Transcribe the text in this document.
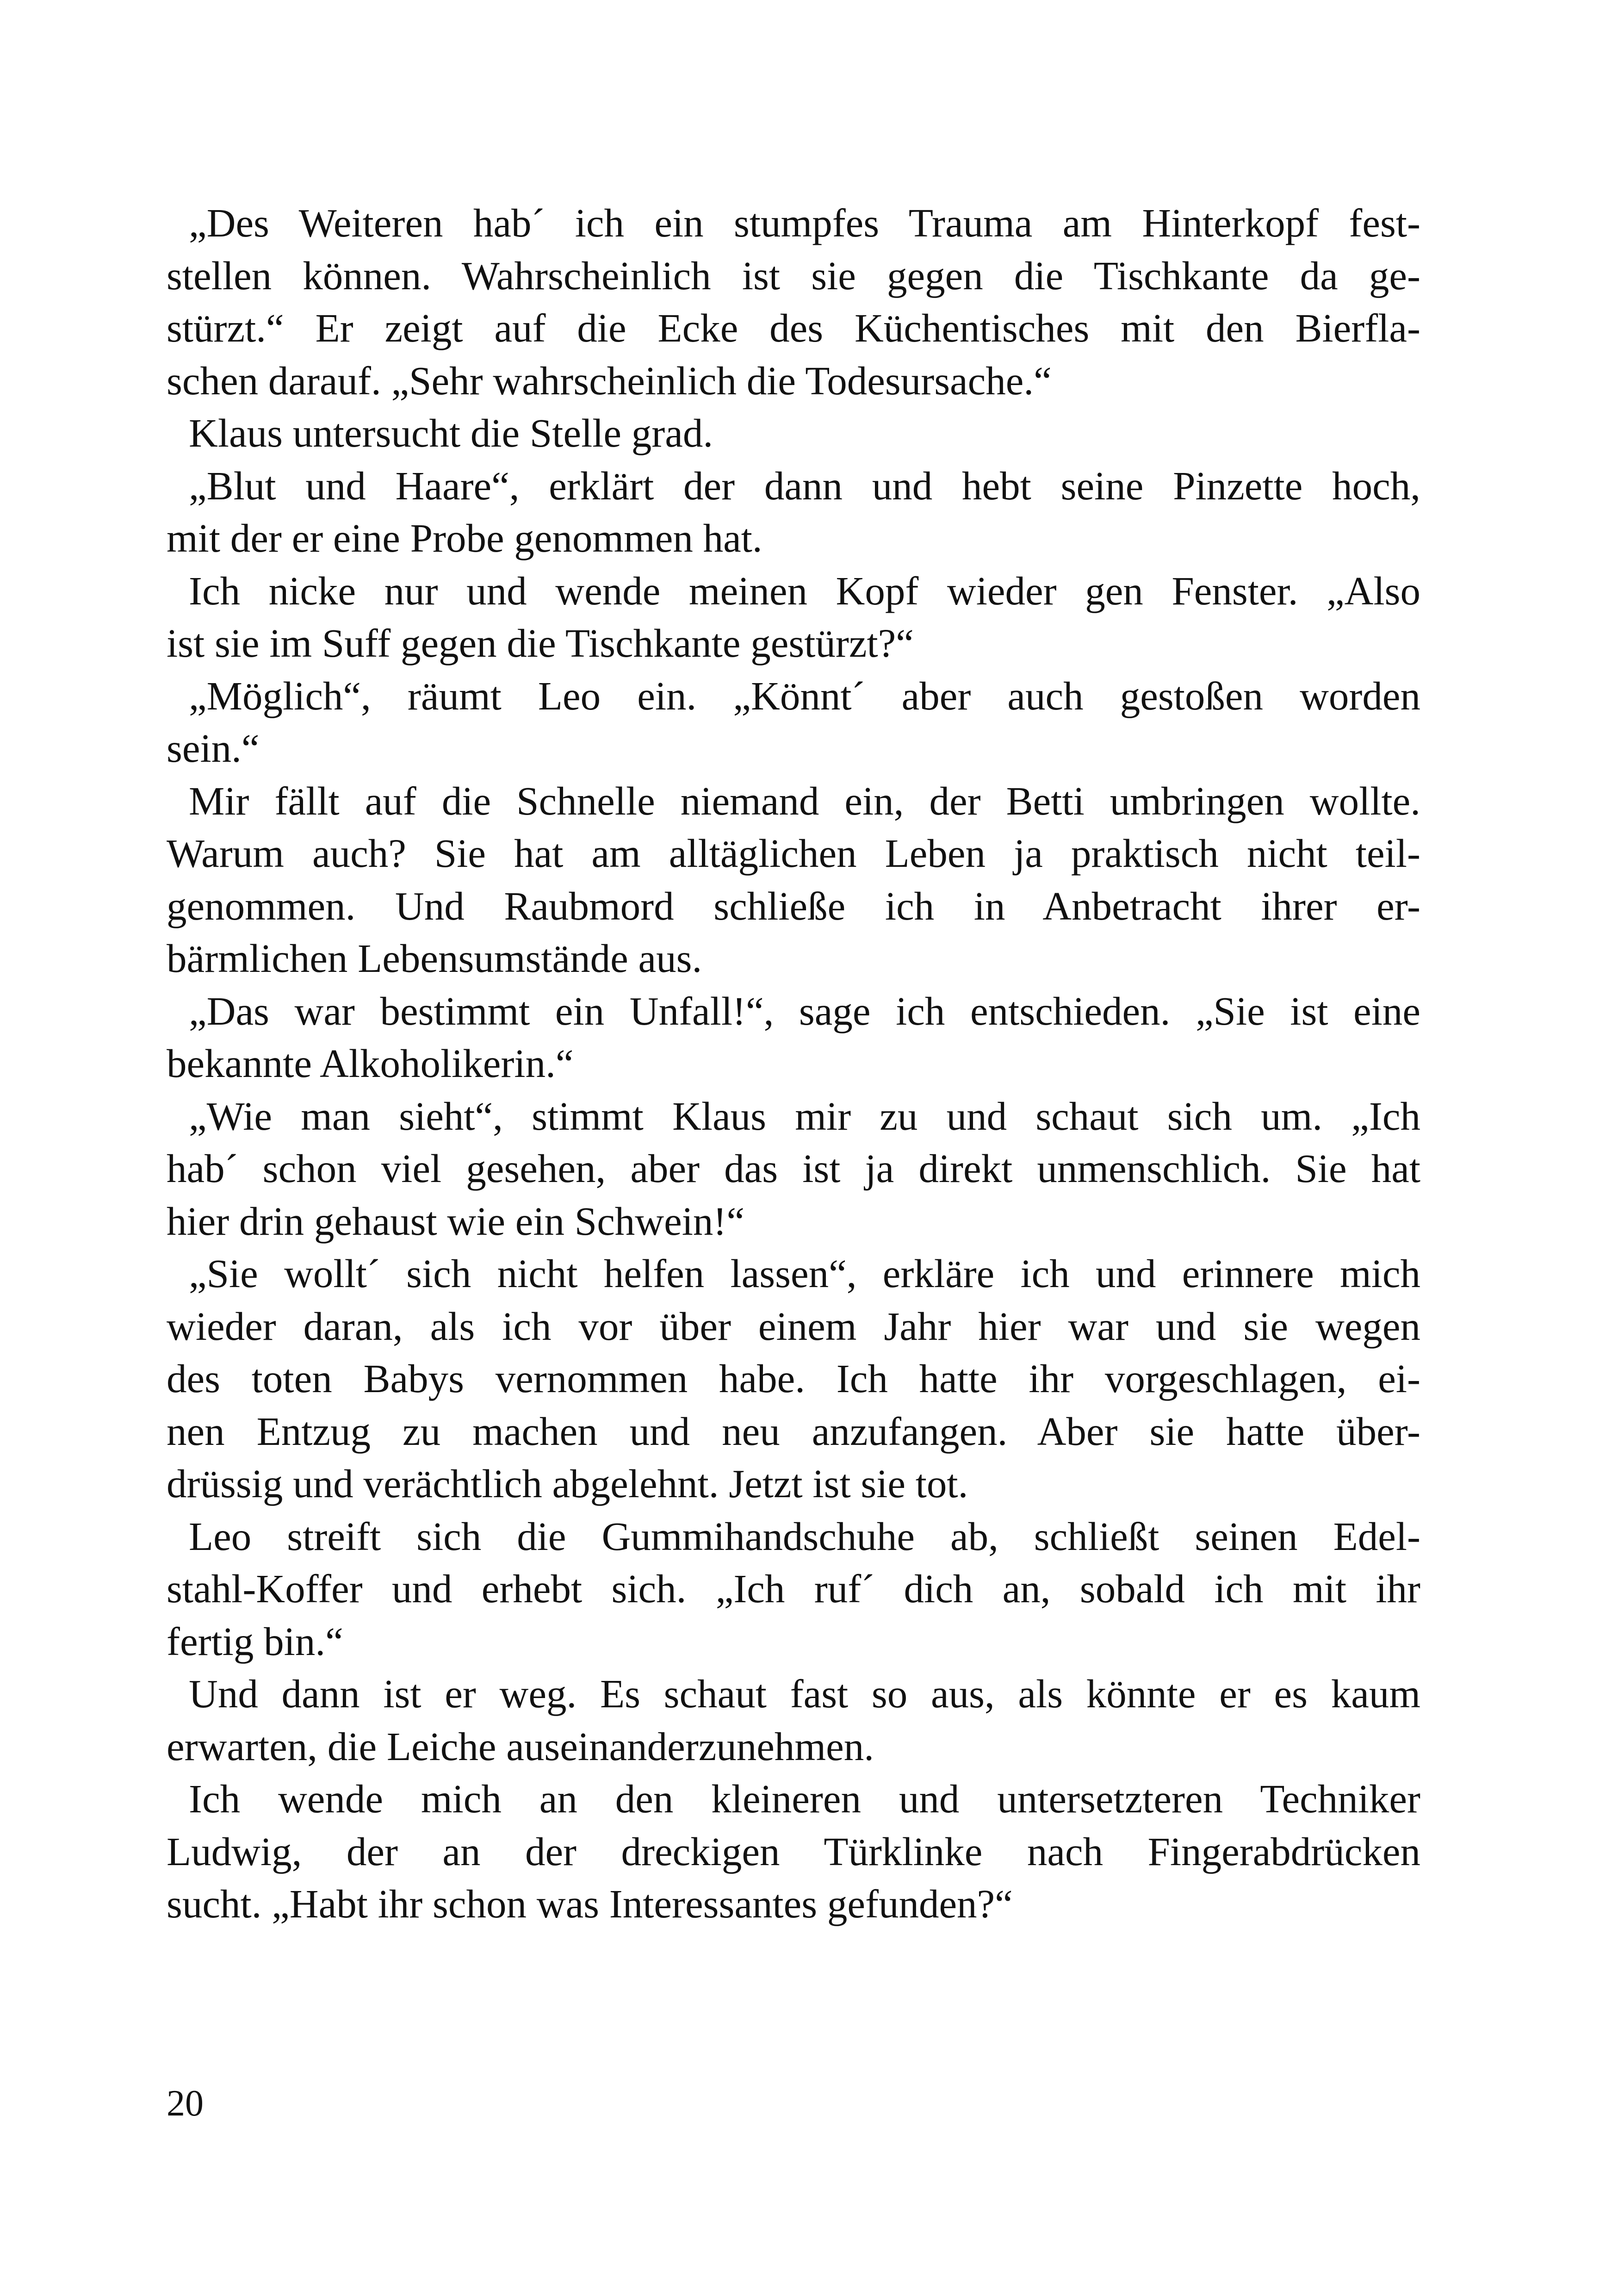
„Des Weiteren hab´ ich ein stumpfes Trauma am Hinterkopf fest-
stellen können. Wahrscheinlich ist sie gegen die Tischkante da ge-
stürzt.“ Er zeigt auf die Ecke des Küchentisches mit den Bierfla-
schen darauf. „Sehr wahrscheinlich die Todesursache.“
Klaus untersucht die Stelle grad.
„Blut und Haare“, erklärt der dann und hebt seine Pinzette hoch,
mit der er eine Probe genommen hat.
Ich nicke nur und wende meinen Kopf wieder gen Fenster. „Also
ist sie im Suff gegen die Tischkante gestürzt?“
„Möglich“, räumt Leo ein. „Könnt´ aber auch gestoßen worden
sein.“
Mir fällt auf die Schnelle niemand ein, der Betti umbringen wollte.
Warum auch? Sie hat am alltäglichen Leben ja praktisch nicht teil-
genommen. Und Raubmord schließe ich in Anbetracht ihrer er-
bärmlichen Lebensumstände aus.
„Das war bestimmt ein Unfall!“, sage ich entschieden. „Sie ist eine
bekannte Alkoholikerin.“
„Wie man sieht“, stimmt Klaus mir zu und schaut sich um. „Ich
hab´ schon viel gesehen, aber das ist ja direkt unmenschlich. Sie hat
hier drin gehaust wie ein Schwein!“
„Sie wollt´ sich nicht helfen lassen“, erkläre ich und erinnere mich
wieder daran, als ich vor über einem Jahr hier war und sie wegen
des toten Babys vernommen habe. Ich hatte ihr vorgeschlagen, ei-
nen Entzug zu machen und neu anzufangen. Aber sie hatte über-
drüssig und verächtlich abgelehnt. Jetzt ist sie tot.
Leo streift sich die Gummihandschuhe ab, schließt seinen Edel-
stahl-Koffer und erhebt sich. „Ich ruf´ dich an, sobald ich mit ihr
fertig bin.“
Und dann ist er weg. Es schaut fast so aus, als könnte er es kaum
erwarten, die Leiche auseinanderzunehmen.
Ich wende mich an den kleineren und untersetzteren Techniker
Ludwig, der an der dreckigen Türklinke nach Fingerabdrücken
sucht. „Habt ihr schon was Interessantes gefunden?“
20
